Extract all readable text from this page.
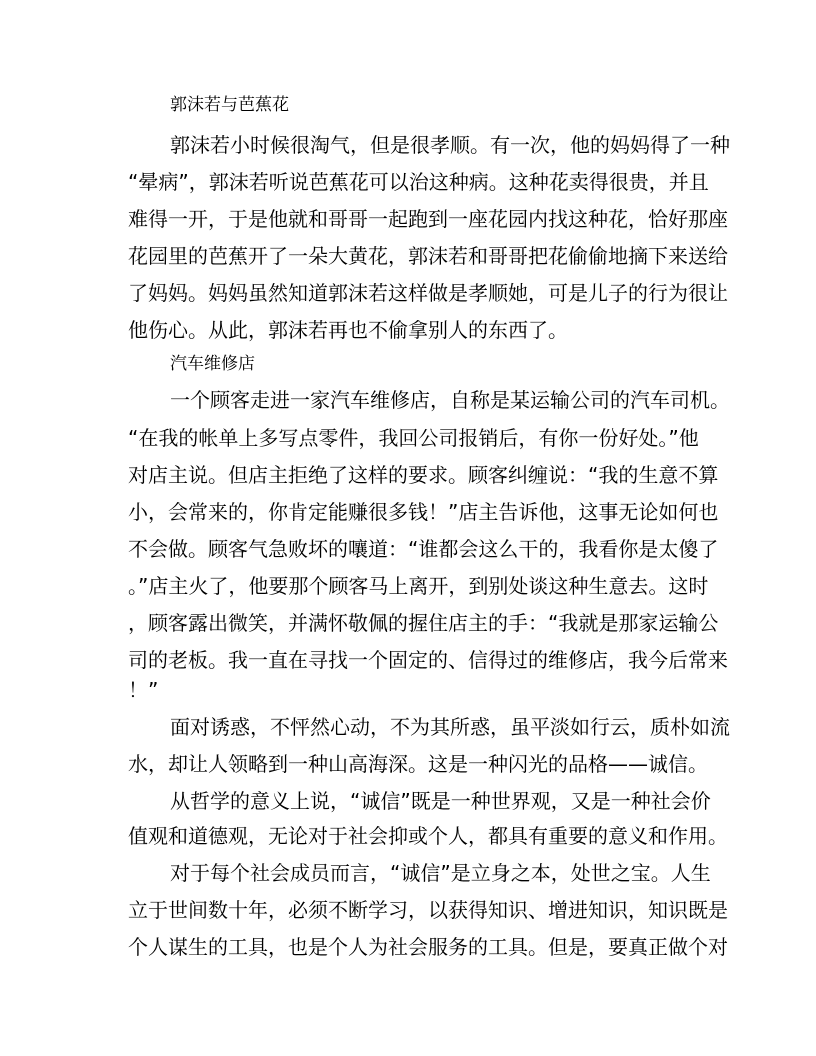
郭沫若与芭蕉花
郭沫若小时候很淘气，但是很孝顺。有一次，他的妈妈得了一种
“晕病”，郭沫若听说芭蕉花可以治这种病。这种花卖得很贵，并且
难得一开，于是他就和哥哥一起跑到一座花园内找这种花，恰好那座
花园里的芭蕉开了一朵大黄花，郭沫若和哥哥把花偷偷地摘下来送给
了妈妈。妈妈虽然知道郭沫若这样做是孝顺她，可是儿子的行为很让
他伤心。从此，郭沫若再也不偷拿别人的东西了。
汽车维修店
一个顾客走进一家汽车维修店，自称是某运输公司的汽车司机。
“在我的帐单上多写点零件，我回公司报销后，有你一份好处。”他
对店主说。但店主拒绝了这样的要求。顾客纠缠说：“我的生意不算
小，会常来的，你肯定能赚很多钱！”店主告诉他，这事无论如何也
不会做。顾客气急败坏的嚷道：“谁都会这么干的，我看你是太傻了
。”店主火了，他要那个顾客马上离开，到别处谈这种生意去。这时
，顾客露出微笑，并满怀敬佩的握住店主的手：“我就是那家运输公
司的老板。我一直在寻找一个固定的、信得过的维修店，我今后常来
！”
面对诱惑，不怦然心动，不为其所惑，虽平淡如行云，质朴如流
水，却让人领略到一种山高海深。这是一种闪光的品格——诚信。
从哲学的意义上说，“诚信”既是一种世界观，又是一种社会价
值观和道德观，无论对于社会抑或个人，都具有重要的意义和作用。
对于每个社会成员而言，“诚信”是立身之本，处世之宝。人生
立于世间数十年，必须不断学习，以获得知识、增进知识，知识既是
个人谋生的工具，也是个人为社会服务的工具。但是，要真正做个对
